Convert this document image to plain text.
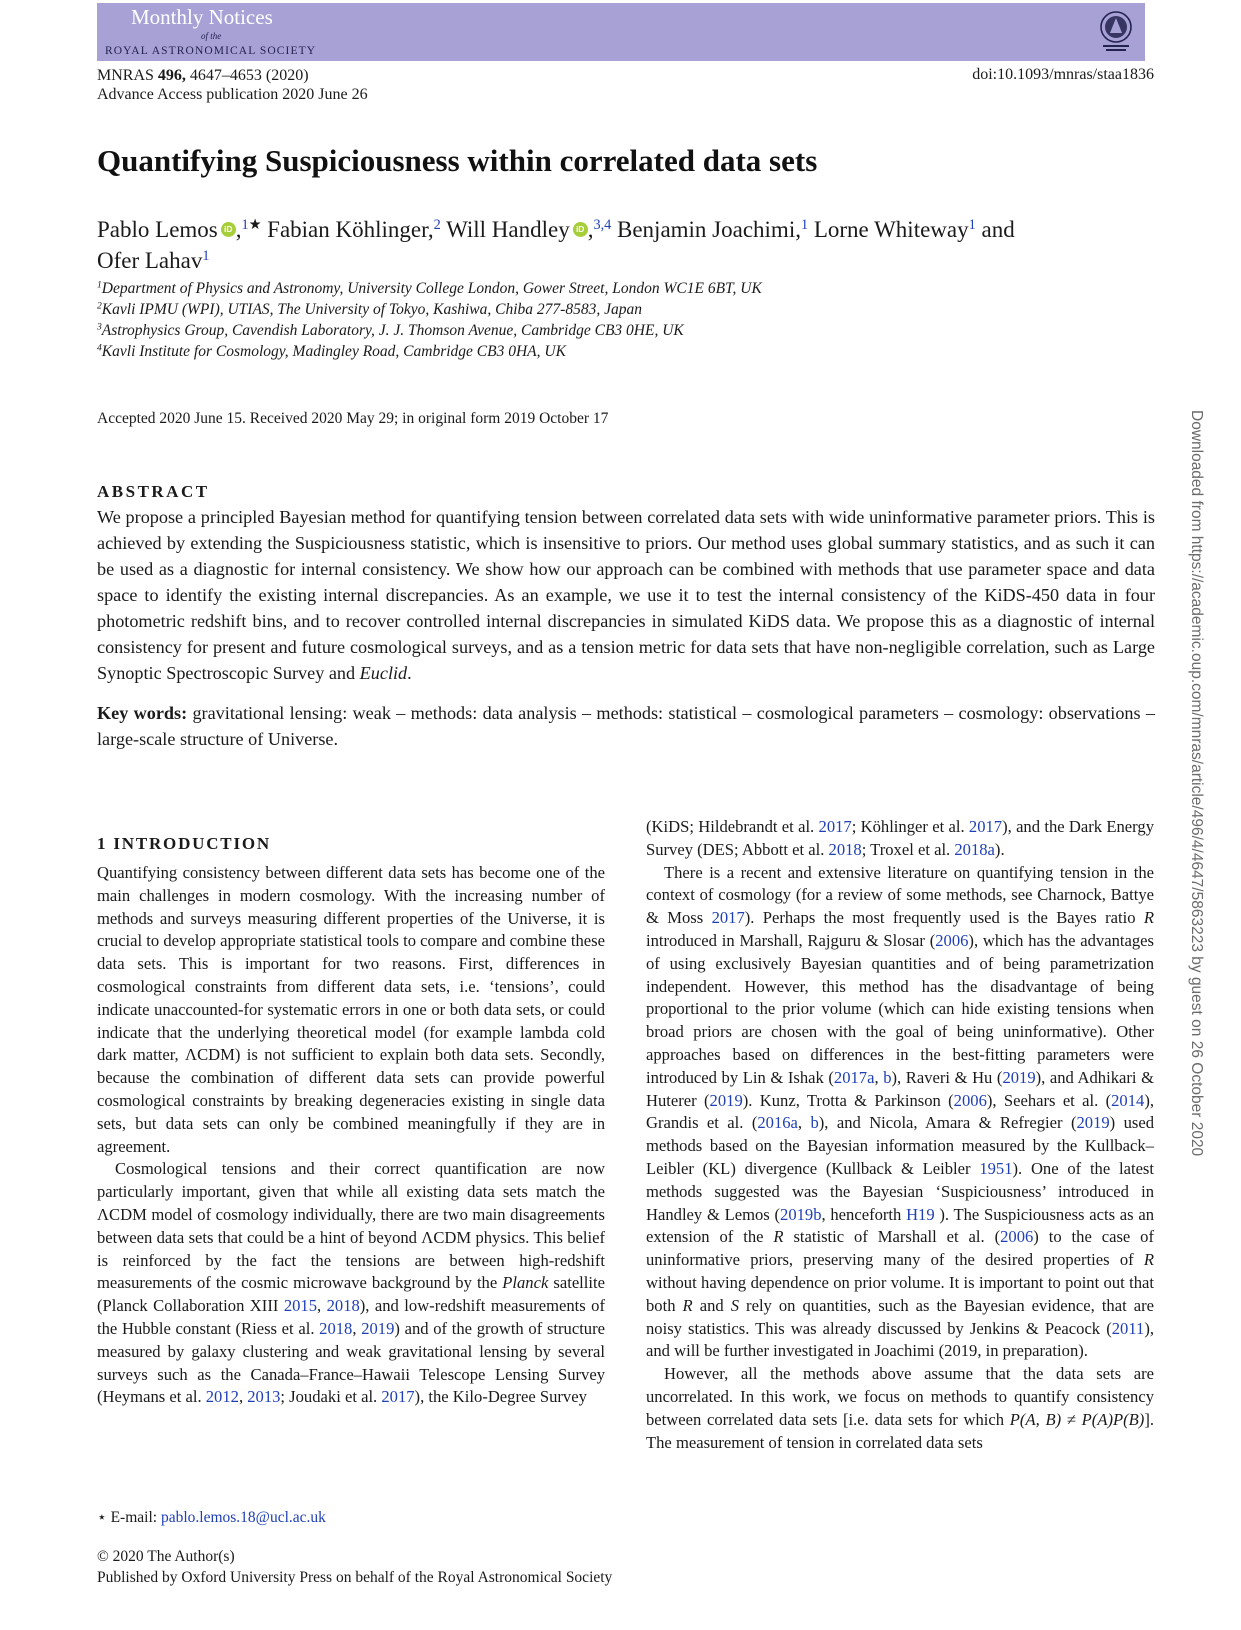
Monthly Notices
of the
ROYAL ASTRONOMICAL SOCIETY
MNRAS 496, 4647–4653 (2020)
Advance Access publication 2020 June 26
doi:10.1093/mnras/staa1836
Quantifying Suspiciousness within correlated data sets
Pablo Lemos iD ,$^{1★}$ Fabian Köhlinger,$^2$ Will Handley iD ,$^{3,4}$ Benjamin Joachimi,$^1$ Lorne Whiteway$^1$ and
Ofer Lahav$^1$
$^1$Department of Physics and Astronomy, University College London, Gower Street, London WC1E 6BT, UK
$^2$Kavli IPMU (WPI), UTIAS, The University of Tokyo, Kashiwa, Chiba 277-8583, Japan
$^3$Astrophysics Group, Cavendish Laboratory, J. J. Thomson Avenue, Cambridge CB3 0HE, UK
$^4$Kavli Institute for Cosmology, Madingley Road, Cambridge CB3 0HA, UK
Accepted 2020 June 15. Received 2020 May 29; in original form 2019 October 17
ABSTRACT
We propose a principled Bayesian method for quantifying tension between correlated data sets with wide uninformative parameter priors. This is achieved by extending the Suspiciousness statistic, which is insensitive to priors. Our method uses global summary statistics, and as such it can be used as a diagnostic for internal consistency. We show how our approach can be combined with methods that use parameter space and data space to identify the existing internal discrepancies. As an example, we use it to test the internal consistency of the KiDS-450 data in four photometric redshift bins, and to recover controlled internal discrepancies in simulated KiDS data. We propose this as a diagnostic of internal consistency for present and future cosmological surveys, and as a tension metric for data sets that have non-negligible correlation, such as Large Synoptic Spectroscopic Survey and Euclid.
Key words: gravitational lensing: weak – methods: data analysis – methods: statistical – cosmological parameters – cosmology: observations – large-scale structure of Universe.
1 INTRODUCTION

Quantifying consistency between different data sets has become one of the main challenges in modern cosmology. With the increasing number of methods and surveys measuring different properties of the Universe, it is crucial to develop appropriate statistical tools to compare and combine these data sets. This is important for two reasons. First, differences in cosmological constraints from different data sets, i.e. ‘tensions’, could indicate unaccounted-for systematic errors in one or both data sets, or could indicate that the underlying theoretical model (for example lambda cold dark matter, ΛCDM) is not sufficient to explain both data sets. Secondly, because the combination of different data sets can provide powerful cosmological constraints by breaking degeneracies existing in single data sets, but data sets can only be combined meaningfully if they are in agreement.

Cosmological tensions and their correct quantification are now particularly important, given that while all existing data sets match the ΛCDM model of cosmology individually, there are two main disagreements between data sets that could be a hint of beyond ΛCDM physics. This belief is reinforced by the fact the tensions are between high-redshift measurements of the cosmic microwave background by the Planck satellite (Planck Collaboration XIII 2015, 2018), and low-redshift measurements of the Hubble constant (Riess et al. 2018, 2019) and of the growth of structure measured by galaxy clustering and weak gravitational lensing by several surveys such as the Canada–France–Hawaii Telescope Lensing Survey (Heymans et al. 2012, 2013; Joudaki et al. 2017), the Kilo-Degree Survey

(KiDS; Hildebrandt et al. 2017; Köhlinger et al. 2017), and the Dark Energy Survey (DES; Abbott et al. 2018; Troxel et al. 2018a).

There is a recent and extensive literature on quantifying tension in the context of cosmology (for a review of some methods, see Charnock, Battye & Moss 2017). Perhaps the most frequently used is the Bayes ratio R introduced in Marshall, Rajguru & Slosar (2006), which has the advantages of using exclusively Bayesian quantities and of being parametrization independent. However, this method has the disadvantage of being proportional to the prior volume (which can hide existing tensions when broad priors are chosen with the goal of being uninformative). Other approaches based on differences in the best-fitting parameters were introduced by Lin & Ishak (2017a, b), Raveri & Hu (2019), and Adhikari & Huterer (2019). Kunz, Trotta & Parkinson (2006), Seehars et al. (2014), Grandis et al. (2016a, b), and Nicola, Amara & Refregier (2019) used methods based on the Bayesian information measured by the Kullback–Leibler (KL) divergence (Kullback & Leibler 1951). One of the latest methods suggested was the Bayesian ‘Suspiciousness’ introduced in Handley & Lemos (2019b, henceforth H19 ). The Suspiciousness acts as an extension of the R statistic of Marshall et al. (2006) to the case of uninformative priors, preserving many of the desired properties of R without having dependence on prior volume. It is important to point out that both R and S rely on quantities, such as the Bayesian evidence, that are noisy statistics. This was already discussed by Jenkins & Peacock (2011), and will be further investigated in Joachimi (2019, in preparation).

However, all the methods above assume that the data sets are uncorrelated. In this work, we focus on methods to quantify consistency between correlated data sets [i.e. data sets for which P(A, B) ≠ P(A)P(B)]. The measurement of tension in correlated data sets

⋆ E-mail: pablo.lemos.18@ucl.ac.uk
© 2020 The Author(s)
Published by Oxford University Press on behalf of the Royal Astronomical Society
Downloaded from https://academic.oup.com/mnras/article/496/4/4647/5863223 by guest on 26 October 2020
